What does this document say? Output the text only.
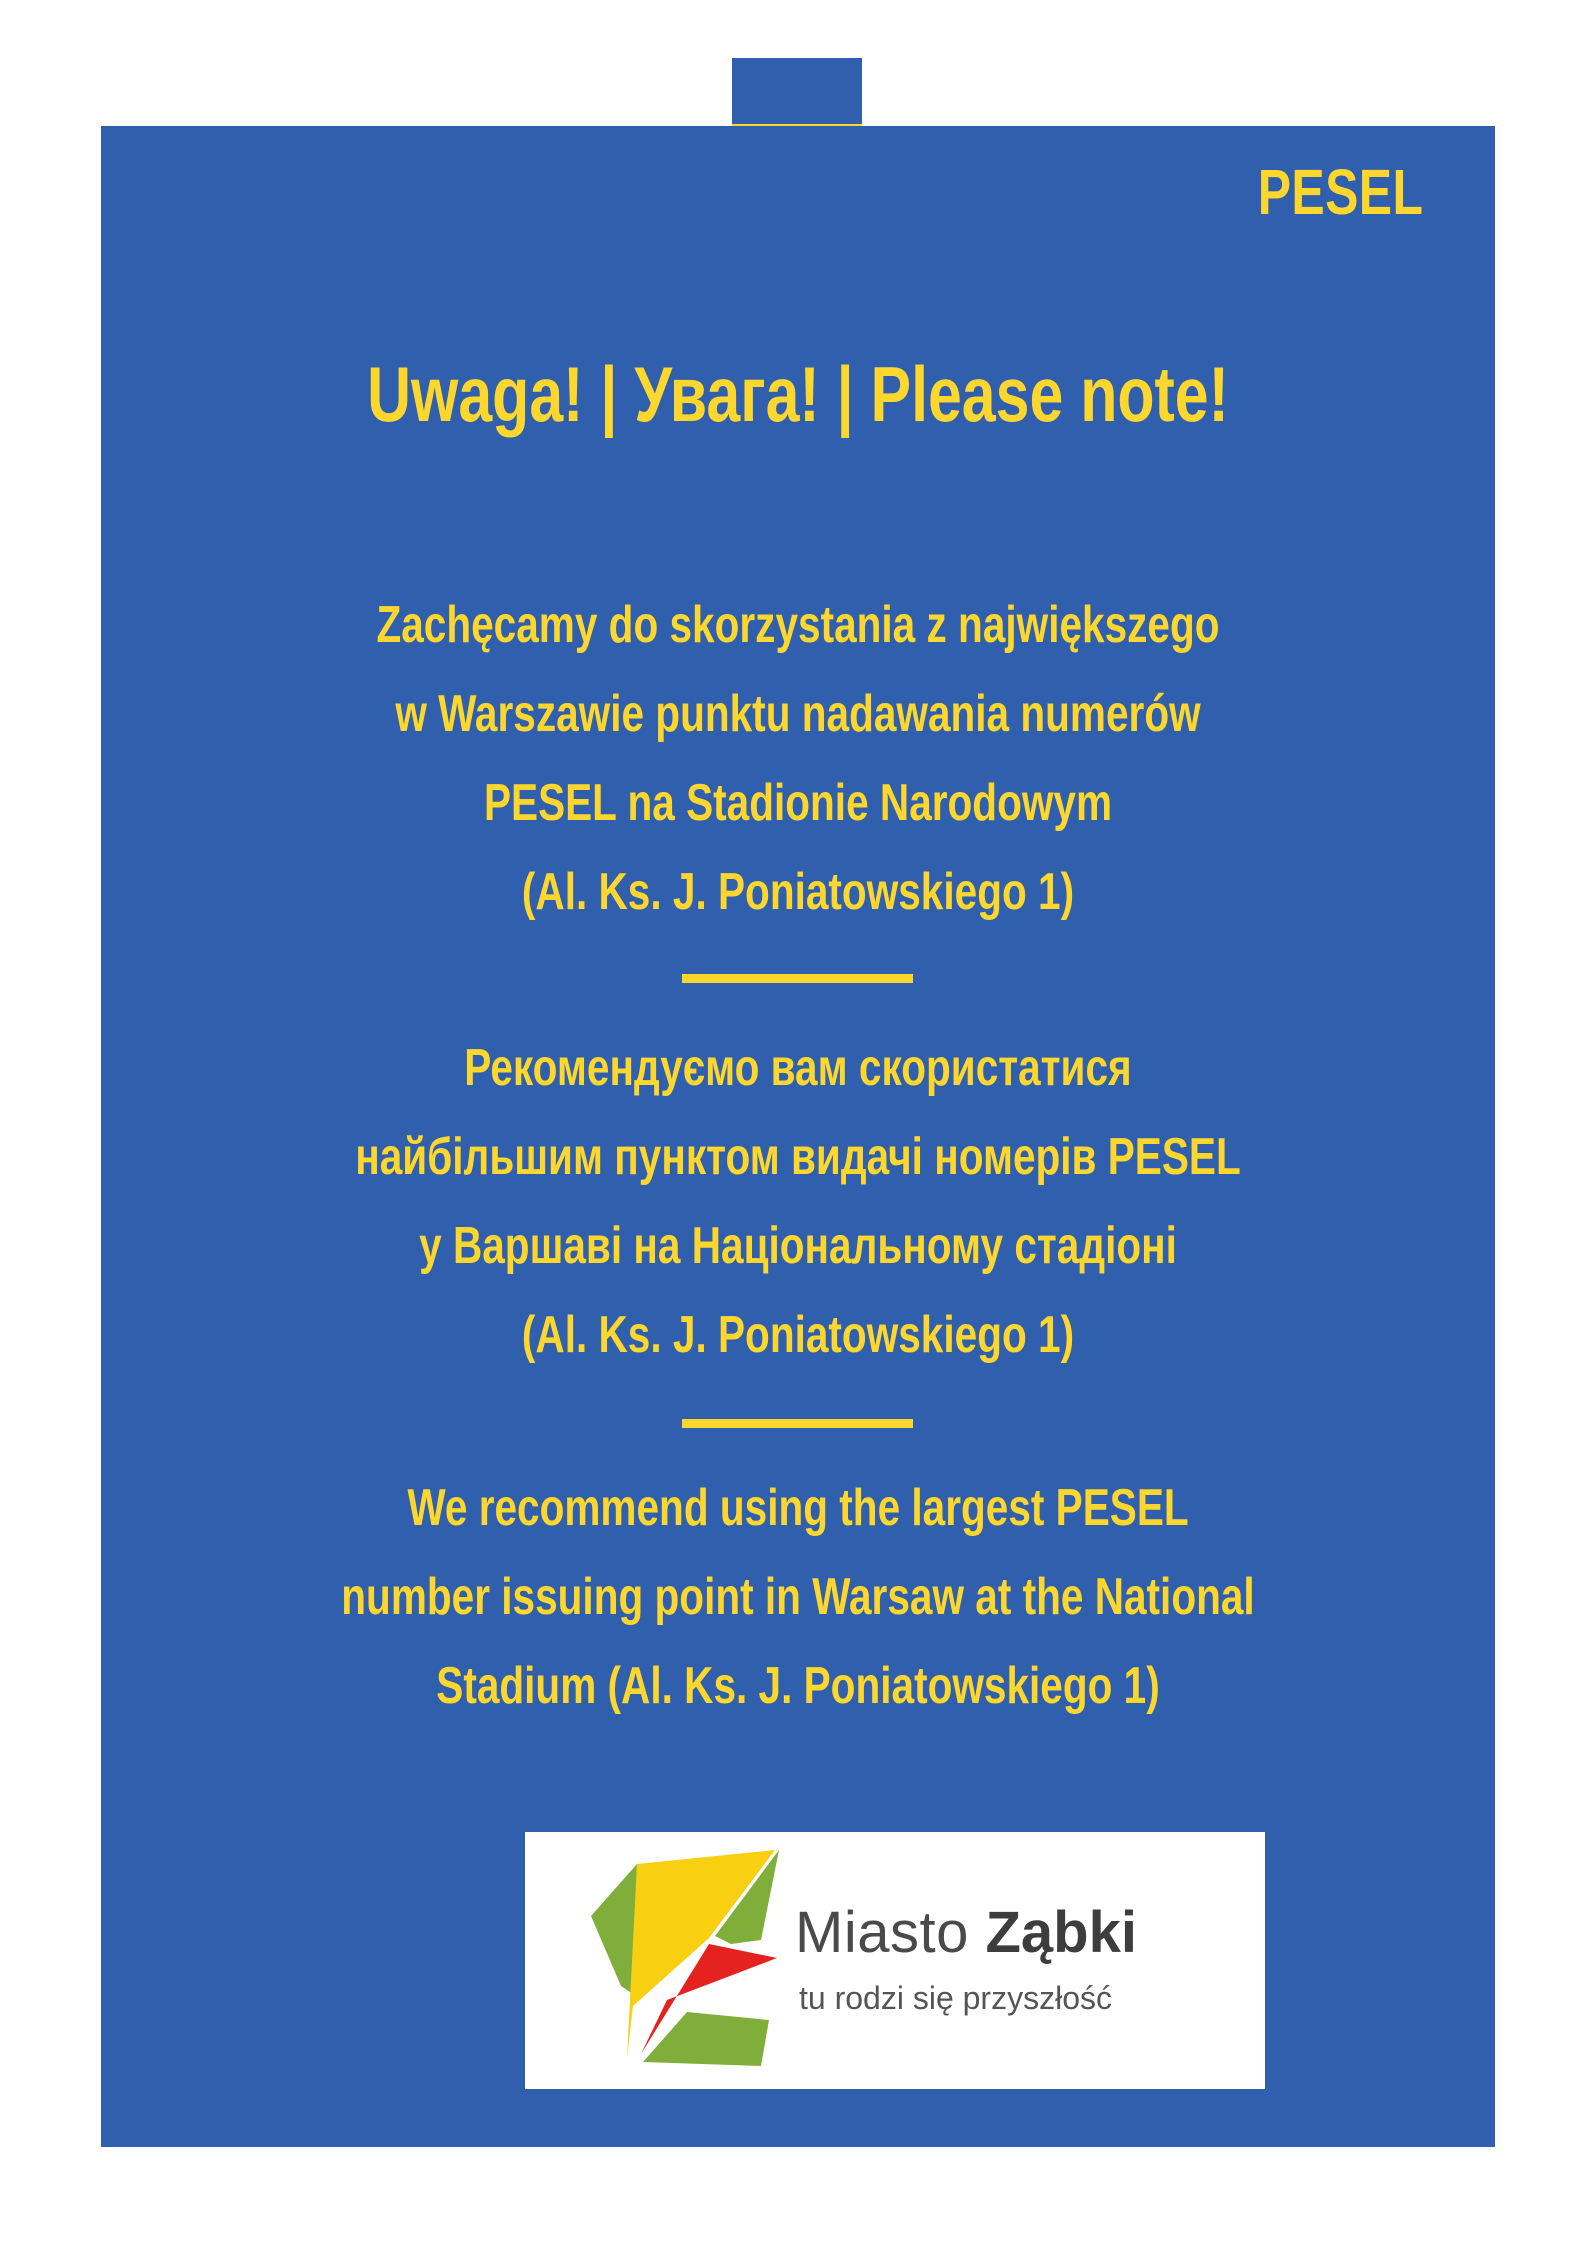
PESEL
Uwaga! | Увага! | Please note!
Zachęcamy do skorzystania z największego
w Warszawie punktu nadawania numerów
PESEL na Stadionie Narodowym
(Al. Ks. J. Poniatowskiego 1)
Рекомендуємо вам скористатися
найбільшим пунктом видачі номерів PESEL
у Варшаві на Національному стадіоні
(Al. Ks. J. Poniatowskiego 1)
We recommend using the largest PESEL
number issuing point in Warsaw at the National
Stadium (Al. Ks. J. Poniatowskiego 1)
Miasto Ząbki
tu rodzi się przyszłość
